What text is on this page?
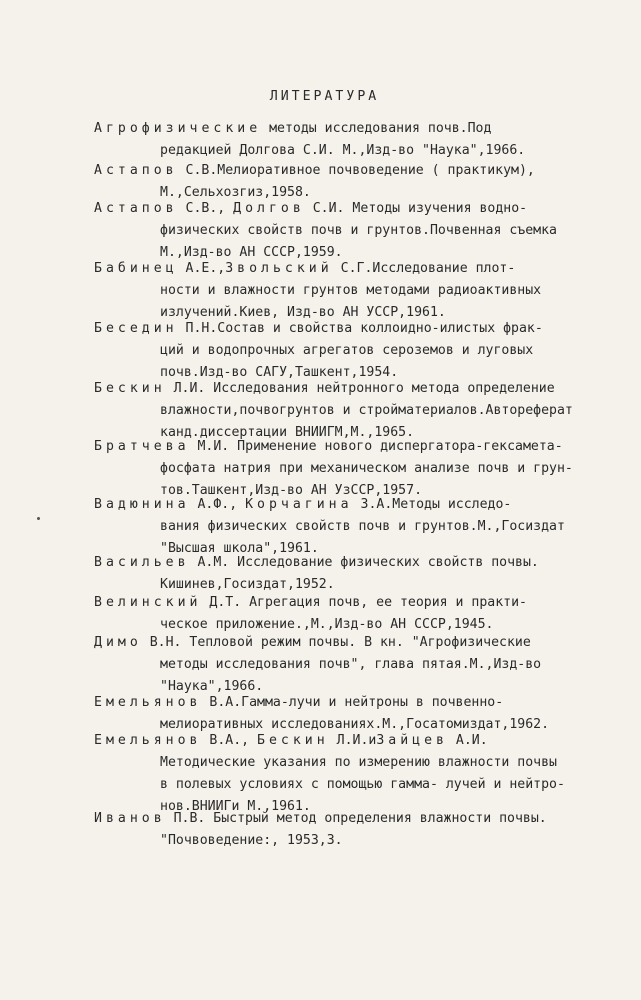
ЛИТЕРАТУРА
Агрофизические методы исследования почв.Под
редакцией Долгова С.И. М.,Изд-во "Наука",1966.
Астапов С.В.Мелиоративное почвоведение ( практикум),
М.,Сельхозгиз,1958.
Астапов С.В., Долгов С.И. Методы изучения водно-
физических свойств почв и грунтов.Почвенная съемка
М.,Изд-во АН СССР,1959.
Бабинец А.Е.,Звольский С.Г.Исследование плот-
ности и влажности грунтов методами радиоактивных
излучений.Киев, Изд-во АН УССР,1961.
Беседин П.Н.Состав и свойства коллоидно-илистых фрак-
ций и водопрочных агрегатов сероземов и луговых
почв.Изд-во САГУ,Ташкент,1954.
Бескин Л.И. Исследования нейтронного метода определение
влажности,почвогрунтов и стройматериалов.Автореферат
канд.диссертации ВНИИГМ,М.,1965.
Братчева М.И. Применение нового диспергатора-гексамета-
фосфата натрия при механическом анализе почв и грун-
тов.Ташкент,Изд-во АН УзССР,1957.
Вадюнина А.Ф., Корчагина З.А.Методы исследо-
вания физических свойств почв и грунтов.М.,Госиздат
"Высшая школа",1961.
Васильев А.М. Исследование физических свойств почвы.
Кишинев,Госиздат,1952.
Велинский Д.Т. Агрегация почв, ее теория и практи-
ческое приложение.,М.,Изд-во АН СССР,1945.
Димо В.Н. Тепловой режим почвы. В кн. "Агрофизические
методы исследования почв", глава пятая.М.,Изд-во
"Наука",1966.
Емельянов В.А.Гамма-лучи и нейтроны в почвенно-
мелиоративных исследованиях.М.,Госатомиздат,1962.
Емельянов В.А., Бескин Л.И.иЗайцев А.И.
Методические указания по измерению влажности почвы
в полевых условиях с помощью гамма- лучей и нейтро-
нов.ВНИИГи М.,1961.
Иванов П.В. Быстрый метод определения влажности почвы.
"Почвоведение:, 1953,3.
